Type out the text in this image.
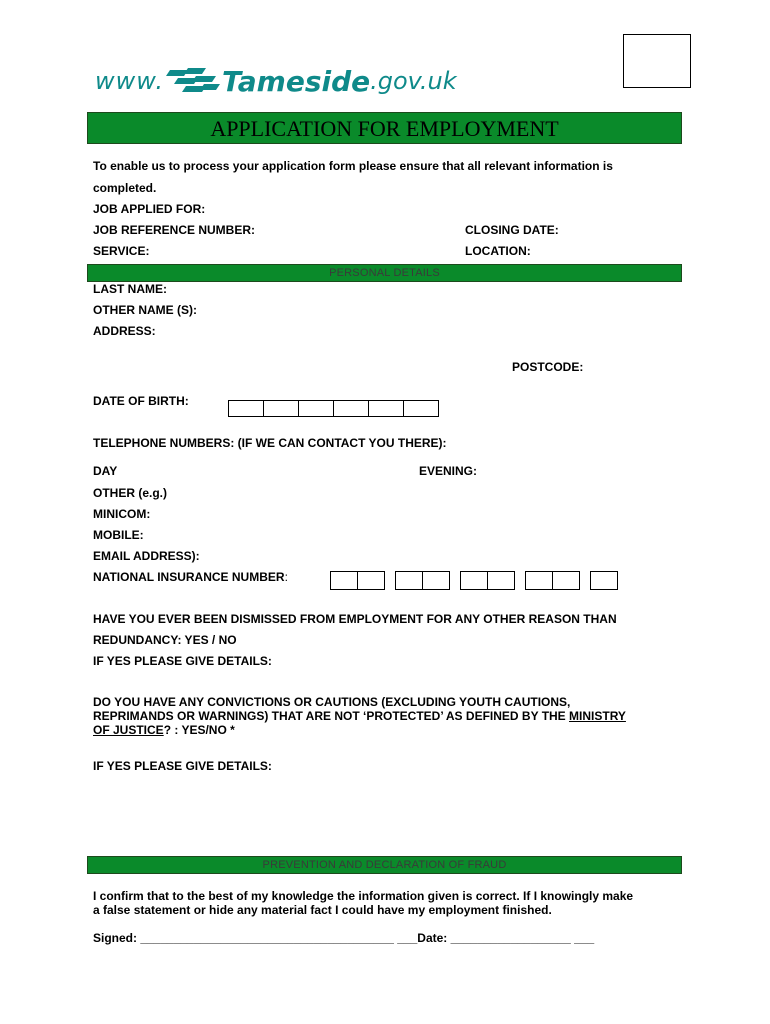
www. Tameside .gov.uk
APPLICATION FOR EMPLOYMENT
To enable us to process your application form please ensure that all relevant information is
completed.
JOB APPLIED FOR:
JOB REFERENCE NUMBER:	CLOSING DATE:
SERVICE:	LOCATION:
PERSONAL DETAILS
LAST NAME:
OTHER NAME (S):
ADDRESS:
POSTCODE:
DATE OF BIRTH:
TELEPHONE NUMBERS: (IF WE CAN CONTACT YOU THERE):
DAY	EVENING:
OTHER (e.g.)
MINICOM:
MOBILE:
EMAIL ADDRESS):
NATIONAL INSURANCE NUMBER:
HAVE YOU EVER BEEN DISMISSED FROM EMPLOYMENT FOR ANY OTHER REASON THAN
REDUNDANCY: YES / NO
IF YES PLEASE GIVE DETAILS:
DO YOU HAVE ANY CONVICTIONS OR CAUTIONS (EXCLUDING YOUTH CAUTIONS,
REPRIMANDS OR WARNINGS) THAT ARE NOT ‘PROTECTED’ AS DEFINED BY THE MINISTRY
OF JUSTICE? : YES/NO *
IF YES PLEASE GIVE DETAILS:
PREVENTION AND DECLARATION OF FRAUD
I confirm that to the best of my knowledge the information given is correct. If I knowingly make
a false statement or hide any material fact I could have my employment finished.
Signed: ______________________________________ ___Date: __________________ ___
